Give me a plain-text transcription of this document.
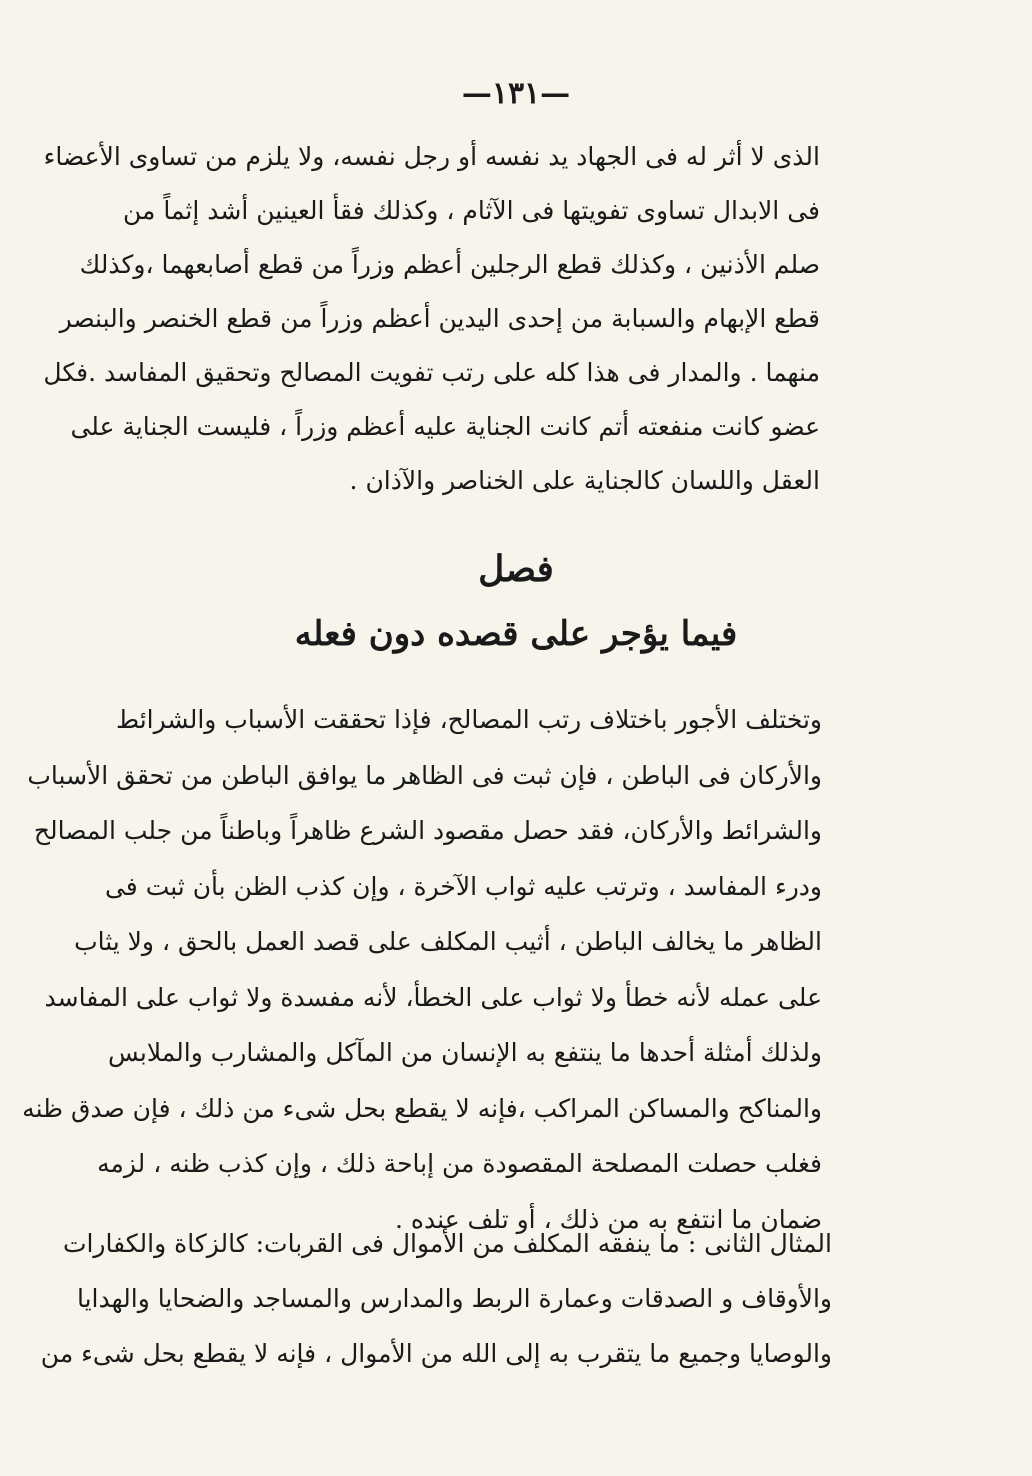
—١٣١—
الذى لا أثر له فى الجهاد يد نفسه أو رجل نفسه، ولا يلزم من تساوى الأعضاء
فى الابدال تساوى تفويتها فى الآثام ، وكذلك فقأ العينين أشد إثماً من
صلم الأذنين ، وكذلك قطع الرجلين أعظم وزراً من قطع أصابعهما ،وكذلك
قطع الإبهام والسبابة من إحدى اليدين أعظم وزراً من قطع الخنصر والبنصر
منهما . والمدار فى هذا كله على رتب تفويت المصالح وتحقيق المفاسد .فكل
عضو كانت منفعته أتم كانت الجناية عليه أعظم وزراً ، فليست الجناية على
العقل واللسان كالجناية على الخناصر والآذان .
فصل
فيما يؤجر على قصده دون فعله
وتختلف الأجور باختلاف رتب المصالح، فإذا تحققت الأسباب والشرائط
والأركان فى الباطن ، فإن ثبت فى الظاهر ما يوافق الباطن من تحقق الأسباب
والشرائط والأركان، فقد حصل مقصود الشرع ظاهراً وباطناً من جلب المصالح
ودرء المفاسد ، وترتب عليه ثواب الآخرة ، وإن كذب الظن بأن ثبت فى
الظاهر ما يخالف الباطن ، أثيب المكلف على قصد العمل بالحق ، ولا يثاب
على عمله لأنه خطأ ولا ثواب على الخطأ، لأنه مفسدة ولا ثواب على المفاسد
ولذلك أمثلة أحدها ما ينتفع به الإنسان من المآكل والمشارب والملابس
والمناكح والمساكن المراكب ،فإنه لا يقطع بحل شىء من ذلك ، فإن صدق ظنه
فغلب حصلت المصلحة المقصودة من إباحة ذلك ، وإن كذب ظنه ، لزمه
ضمان ما انتفع به من ذلك ، أو تلف عنده .
المثال الثانى : ما ينفقه المكلف من الأموال فى القربات: كالزكاة والكفارات
والأوقاف و الصدقات وعمارة الربط والمدارس والمساجد والضحايا والهدايا
والوصايا وجميع ما يتقرب به إلى الله من الأموال ، فإنه لا يقطع بحل شىء من
